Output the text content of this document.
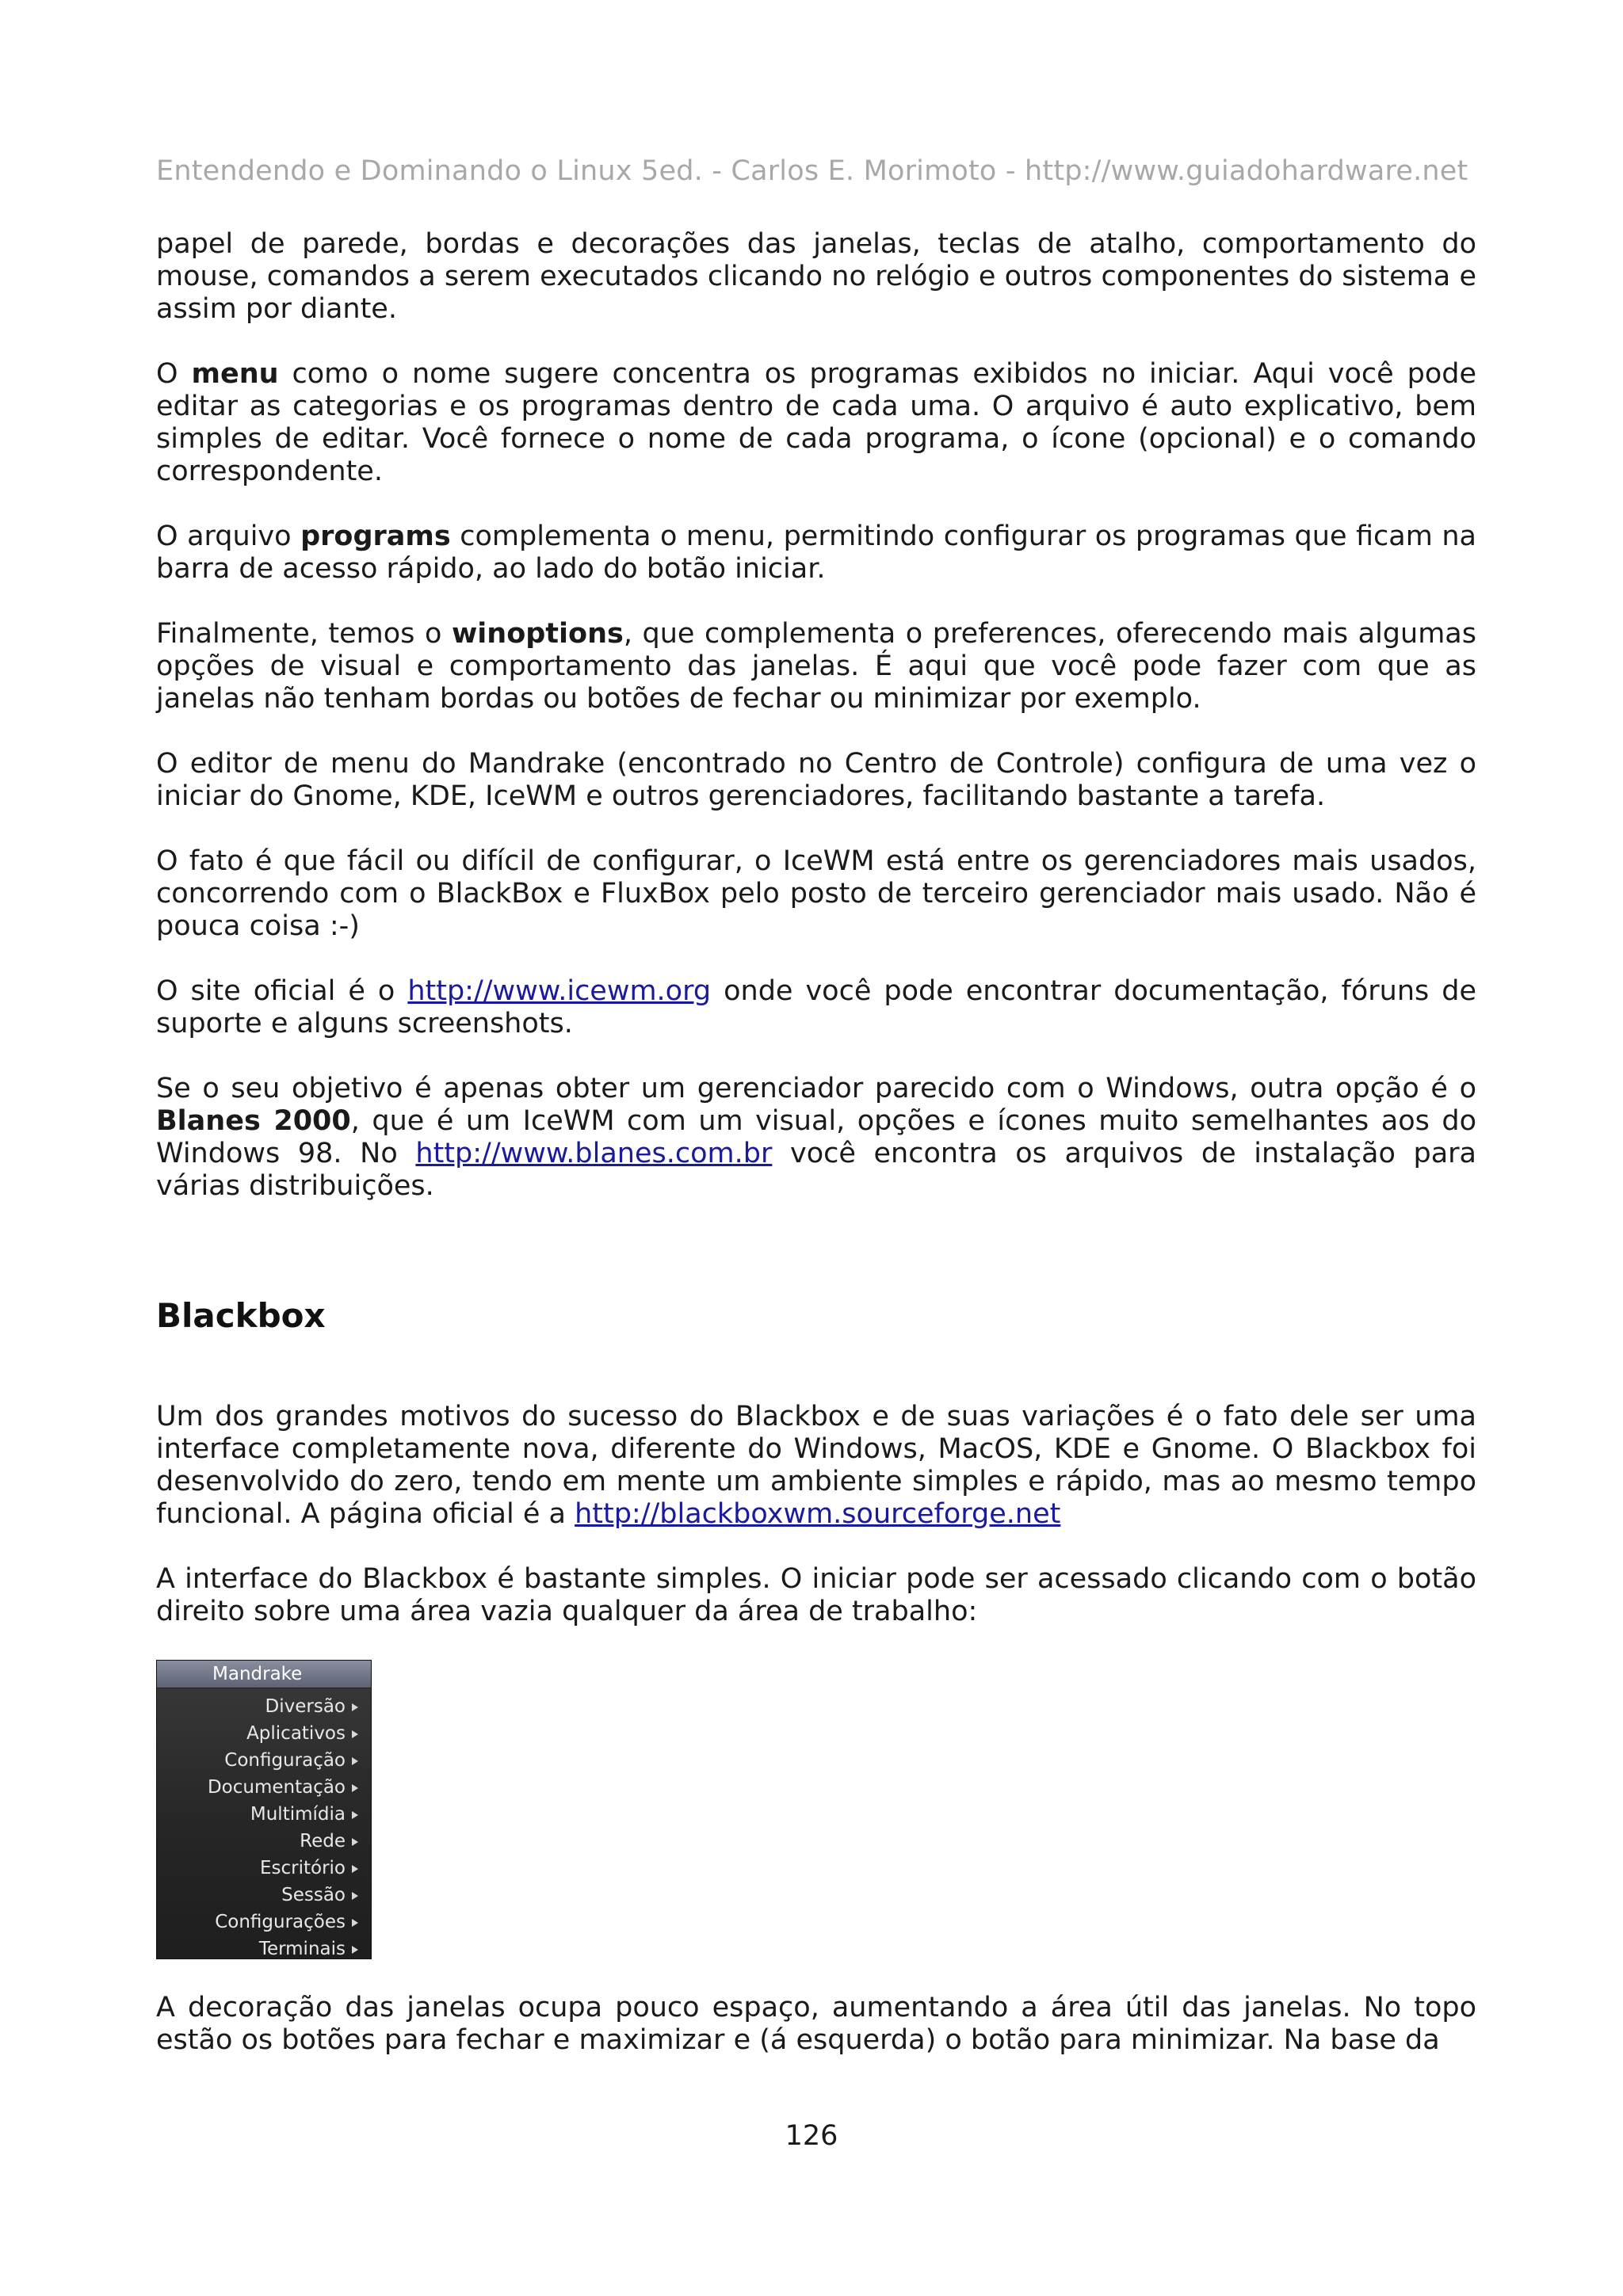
Entendendo e Dominando o Linux 5ed. - Carlos E. Morimoto - http://www.guiadohardware.net

papel de parede, bordas e decorações das janelas, teclas de atalho, comportamento do mouse, comandos a serem executados clicando no relógio e outros componentes do sistema e assim por diante.

O menu como o nome sugere concentra os programas exibidos no iniciar. Aqui você pode editar as categorias e os programas dentro de cada uma. O arquivo é auto explicativo, bem simples de editar. Você fornece o nome de cada programa, o ícone (opcional) e o comando correspondente.

O arquivo programs complementa o menu, permitindo configurar os programas que ficam na barra de acesso rápido, ao lado do botão iniciar.

Finalmente, temos o winoptions, que complementa o preferences, oferecendo mais algumas opções de visual e comportamento das janelas. É aqui que você pode fazer com que as janelas não tenham bordas ou botões de fechar ou minimizar por exemplo.

O editor de menu do Mandrake (encontrado no Centro de Controle) configura de uma vez o iniciar do Gnome, KDE, IceWM e outros gerenciadores, facilitando bastante a tarefa.

O fato é que fácil ou difícil de configurar, o IceWM está entre os gerenciadores mais usados, concorrendo com o BlackBox e FluxBox pelo posto de terceiro gerenciador mais usado. Não é pouca coisa :-)

O site oficial é o http://www.icewm.org onde você pode encontrar documentação, fóruns de suporte e alguns screenshots.

Se o seu objetivo é apenas obter um gerenciador parecido com o Windows, outra opção é o Blanes 2000, que é um IceWM com um visual, opções e ícones muito semelhantes aos do Windows 98. No http://www.blanes.com.br você encontra os arquivos de instalação para várias distribuições.

Blackbox

Um dos grandes motivos do sucesso do Blackbox e de suas variações é o fato dele ser uma interface completamente nova, diferente do Windows, MacOS, KDE e Gnome. O Blackbox foi desenvolvido do zero, tendo em mente um ambiente simples e rápido, mas ao mesmo tempo funcional. A página oficial é a http://blackboxwm.sourceforge.net

A interface do Blackbox é bastante simples. O iniciar pode ser acessado clicando com o botão direito sobre uma área vazia qualquer da área de trabalho:

Mandrake
Diversão
Aplicativos
Configuração
Documentação
Multimídia
Rede
Escritório
Sessão
Configurações
Terminais

A decoração das janelas ocupa pouco espaço, aumentando a área útil das janelas. No topo estão os botões para fechar e maximizar e (á esquerda) o botão para minimizar. Na base da

126
